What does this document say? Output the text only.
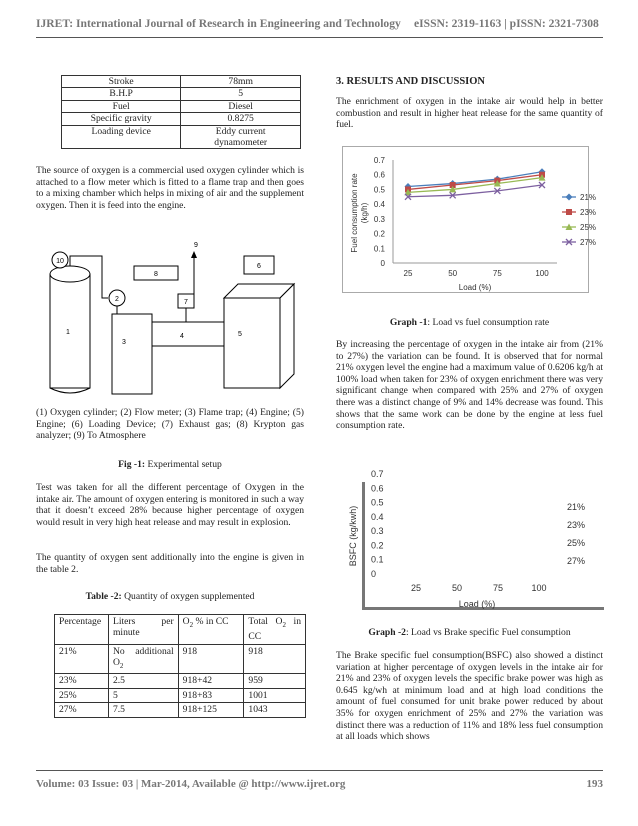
IJRET: International Journal of Research in Engineering and Technology eISSN: 2319-1163 | pISSN: 2321-7308
Stroke	78mm
B.H.P	5
Fuel	Diesel
Specific gravity	0.8275
Loading device	Eddy current dynamometer

The source of oxygen is a commercial used oxygen cylinder which is attached to a flow meter which is fitted to a flame trap and then goes to a mixing chamber which helps in mixing of air and the supplement oxygen. Then it is feed into the engine.

10
1
2
3
4
8
7
9
5
6

(1) Oxygen cylinder; (2) Flow meter; (3) Flame trap; (4) Engine; (5) Engine; (6) Loading Device; (7) Exhaust gas; (8) Krypton gas analyzer; (9) To Atmosphere

Fig -1: Experimental setup

Test was taken for all the different percentage of Oxygen in the intake air. The amount of oxygen entering is monitored in such a way that it doesn’t exceed 28% because higher percentage of oxygen would result in very high heat release and may result in explosion.

The quantity of oxygen sent additionally into the engine is given in the table 2.

Table -2: Quantity of oxygen supplemented
Percentage	Liters per minute	$O_2$ % in CC	Total $O_2$ in CC
21%	No additional $O_2$	918	918
23%	2.5	918+42	959
25%	5	918+83	1001
27%	7.5	918+125	1043
3. RESULTS AND DISCUSSION

The enrichment of oxygen in the intake air would help in better combustion and result in higher heat release for the same quantity of fuel.

0
0.1
0.2
0.3
0.4
0.5
0.6
0.7
25	50	75	100
Load (%)
Fuel consumption rate(kg/h)
21%
23%
25%
27%
Graph -1: Load vs fuel consumption rate

By increasing the percentage of oxygen in the intake air from (21% to 27%) the variation can be found. It is observed that for normal 21% oxygen level the engine had a maximum value of 0.6206 kg/h at 100% load when taken for 23% of oxygen enrichment there was very significant change when compared with 25% and 27% of oxygen there was a distinct change of 9% and 14% decrease was found. This shows that the same work can be done by the engine at less fuel consumption rate.

0
0.1
0.2
0.3
0.4
0.5
0.6
0.7
25	50	75	100
Load (%)
BSFC (kg/kwh)	21%
23%
25%
27%
Graph -2: Load vs Brake specific Fuel consumption

The Brake specific fuel consumption(BSFC) also showed a distinct variation at higher percentage of oxygen levels in the intake air for 21% and 23% of oxygen levels the specific brake power was high as 0.645 kg/wh at minimum load and at high load conditions the amount of fuel consumed for unit brake power reduced by about 35% for oxygen enrichment of 25% and 27% the variation was distinct there was a reduction of 11% and 18% less fuel consumption at all loads which shows

Volume: 03 Issue: 03 | Mar-2014, Available @ http://www.ijret.org	193
